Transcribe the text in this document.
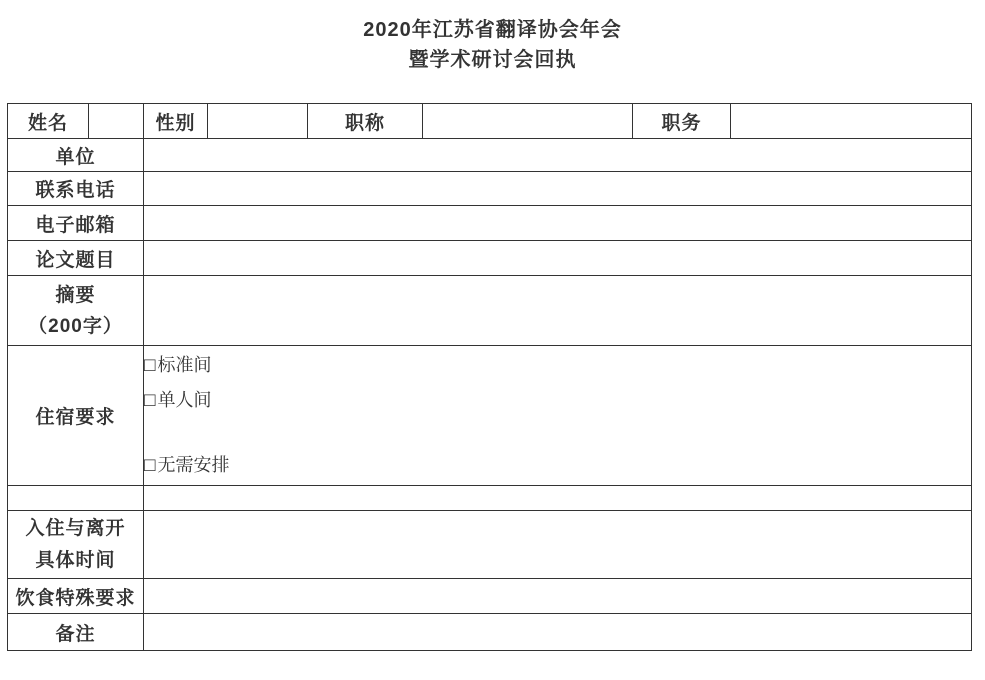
2020年江苏省翻译协会年会
暨学术研讨会回执
姓名		性别		职称		职务	
单位							
联系电话							
电子邮箱							
论文题目							

摘要
（200字）							

住宿要求		□ 标准间
□ 单人间
□ 无需安排					

入住与离开
具体时间							

饮食特殊要求							
备注							
